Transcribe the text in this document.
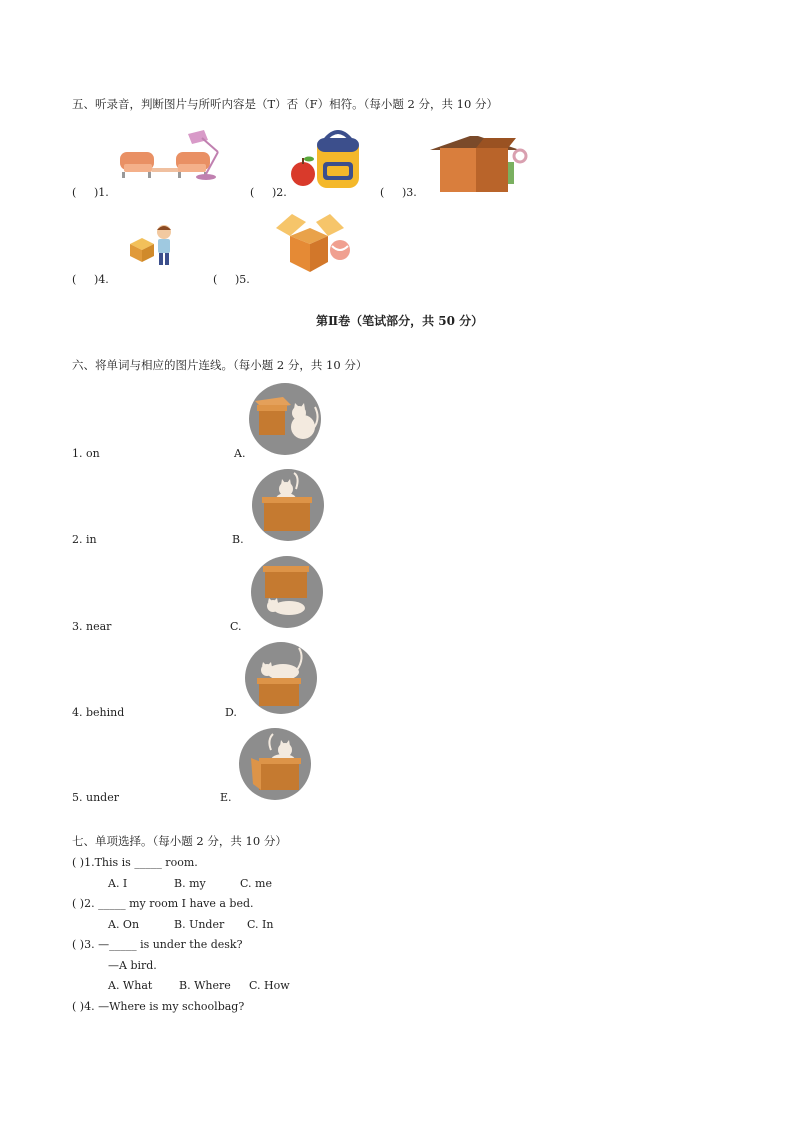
五、听录音，判断图片与所听内容是（T）否（F）相符。（每小题 2 分，共 10 分）
( )1.	( )2.	( )3.
( )4.	( )5.
第Ⅱ卷（笔试部分，共 50 分）
六、将单词与相应的图片连线。（每小题 2 分，共 10 分）
1. on	A.
2. in	B.
3. near	C.
4. behind	D.
5. under	E.
七、单项选择。（每小题 2 分，共 10 分）
( )1.This is _____ room.
A. I	B. my	C. me
( )2. _____ my room I have a bed.
A. On	B. Under C. In
( )3. —_____ is under the desk?
—A bird.
A. What B. Where C. How
( )4. —Where is my schoolbag?
